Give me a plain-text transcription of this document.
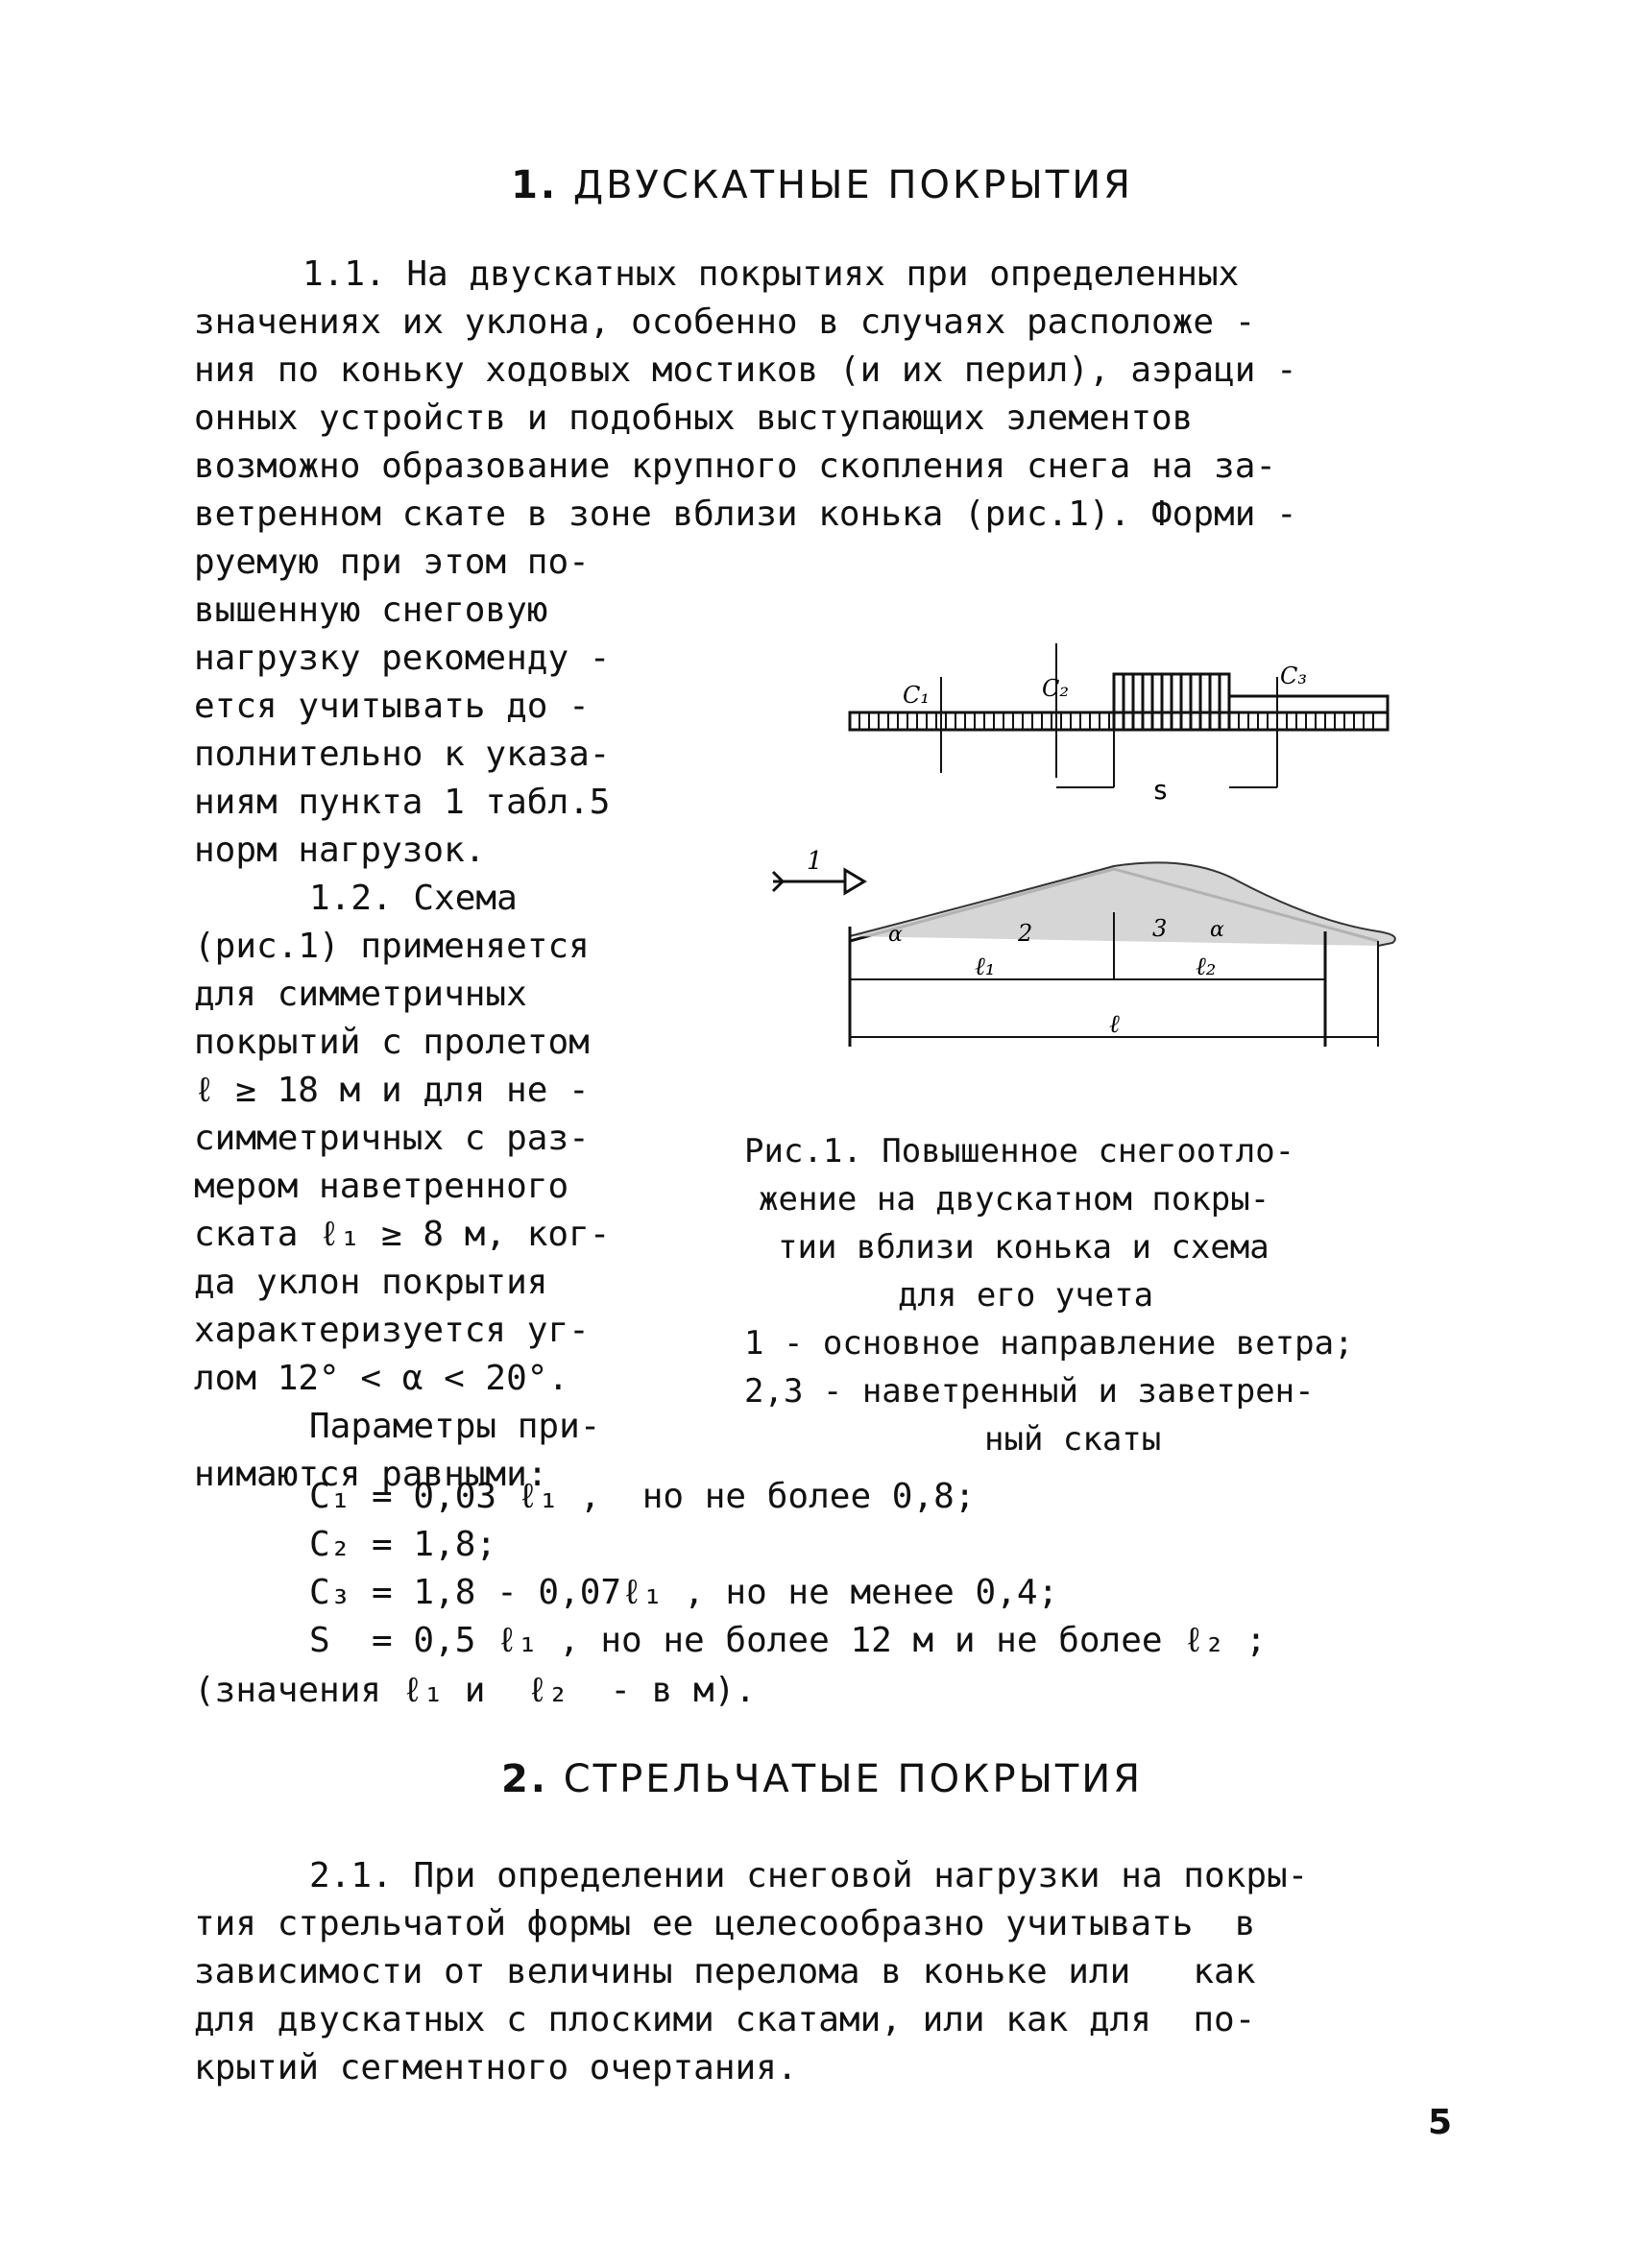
1. ДВУСКАТНЫЕ ПОКРЫТИЯ
1.1. На двускатных покрытиях при определенных
значениях их уклона, особенно в случаях расположе -
ния по коньку ходовых мостиков (и их перил), аэраци -
онных устройств и подобных выступающих элементов
возможно образование крупного скопления снега на за-
ветренном скате в зоне вблизи конька (рис.1). Форми -
руемую при этом по-
вышенную снеговую
нагрузку рекоменду -
ется учитывать до -
полнительно к указа-
ниям пункта 1 табл.5
норм нагрузок.
1.2. Схема
(рис.1) применяется
для симметричных
покрытий с пролетом
ℓ ≥ 18 м и для не -
симметричных с раз-
мером наветренного
ската ℓ₁ ≥ 8 м, ког-
да уклон покрытия
характеризуется уг-
лом 12° < α < 20°.
Параметры при-
нимаются равными:
s
C₁	C₂	C₃
1
α	2	3 α
ℓ₁	ℓ₂
ℓ
Рис.1. Повышенное снегоотло-
жение на двускатном покры-
тии вблизи конька и схема
для его учета
1 - основное направление ветра;
2,3 - наветренный и заветрен-
ный скаты
C₁ = 0,03 ℓ₁ ,  но не более 0,8;
C₂ = 1,8;
C₃ = 1,8 - 0,07ℓ₁ , но не менее 0,4;
S  = 0,5 ℓ₁ , но не более 12 м и не более ℓ₂ ;
(значения ℓ₁ и  ℓ₂  - в м).
2. СТРЕЛЬЧАТЫЕ ПОКРЫТИЯ
2.1. При определении снеговой нагрузки на покры-
тия стрельчатой формы ее целесообразно учитывать  в
зависимости от величины перелома в коньке или   как
для двускатных с плоскими скатами, или как для  по-
крытий сегментного очертания.
5
